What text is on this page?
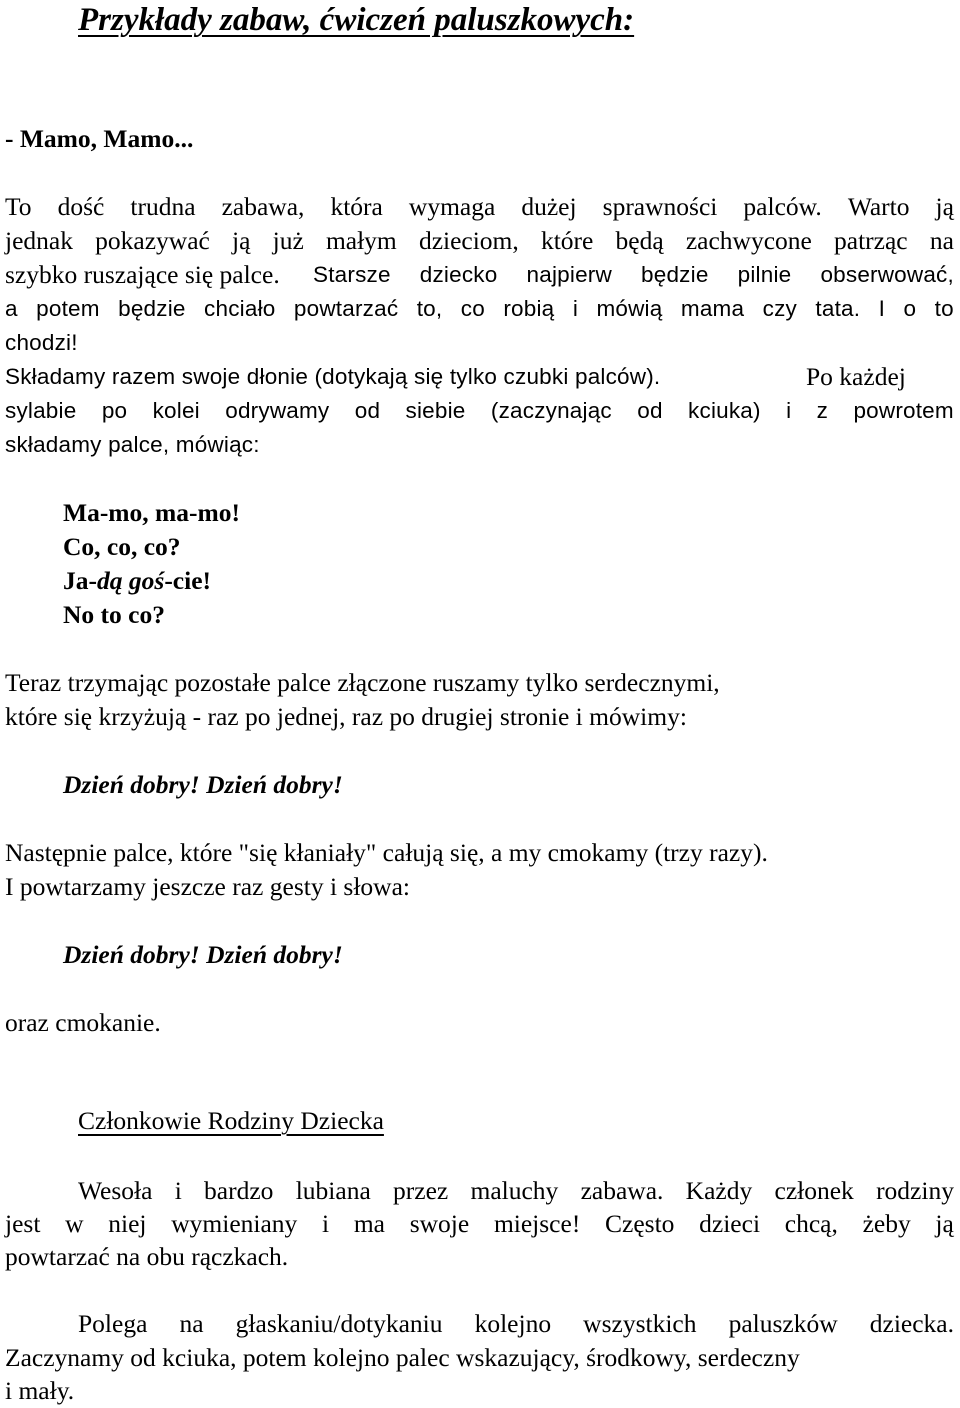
Przykłady zabaw, ćwiczeń paluszkowych:
- Mamo, Mamo...
To dość trudna zabawa, która wymaga dużej sprawności palców. Warto ją
jednak pokazywać ją już małym dzieciom, które będą zachwycone patrząc na
szybko ruszające się palce. Starsze dziecko najpierw będzie pilnie obserwować,
a potem będzie chciało powtarzać to, co robią i mówią mama czy tata. I o to
chodzi!
Składamy razem swoje dłonie (dotykają się tylko czubki palców).	Po każdej
sylabie po kolei odrywamy od siebie (zaczynając od kciuka) i z powrotem
składamy palce, mówiąc:
Ma-mo, ma-mo!
Co, co, co?
Ja-dą goś-cie!
No to co?
Teraz trzymając pozostałe palce złączone ruszamy tylko serdecznymi,
które się krzyżują - raz po jednej, raz po drugiej stronie i mówimy:
Dzień dobry! Dzień dobry!
Następnie palce, które "się kłaniały" całują się, a my cmokamy (trzy razy).
I powtarzamy jeszcze raz gesty i słowa:
Dzień dobry! Dzień dobry!
oraz cmokanie.
Członkowie Rodziny Dziecka
Wesoła i bardzo lubiana przez maluchy zabawa. Każdy członek rodziny
jest w niej wymieniany i ma swoje miejsce! Często dzieci chcą, żeby ją
powtarzać na obu rączkach.
Polega na głaskaniu/dotykaniu kolejno wszystkich paluszków dziecka.
Zaczynamy od kciuka, potem kolejno palec wskazujący, środkowy, serdeczny
i mały.
